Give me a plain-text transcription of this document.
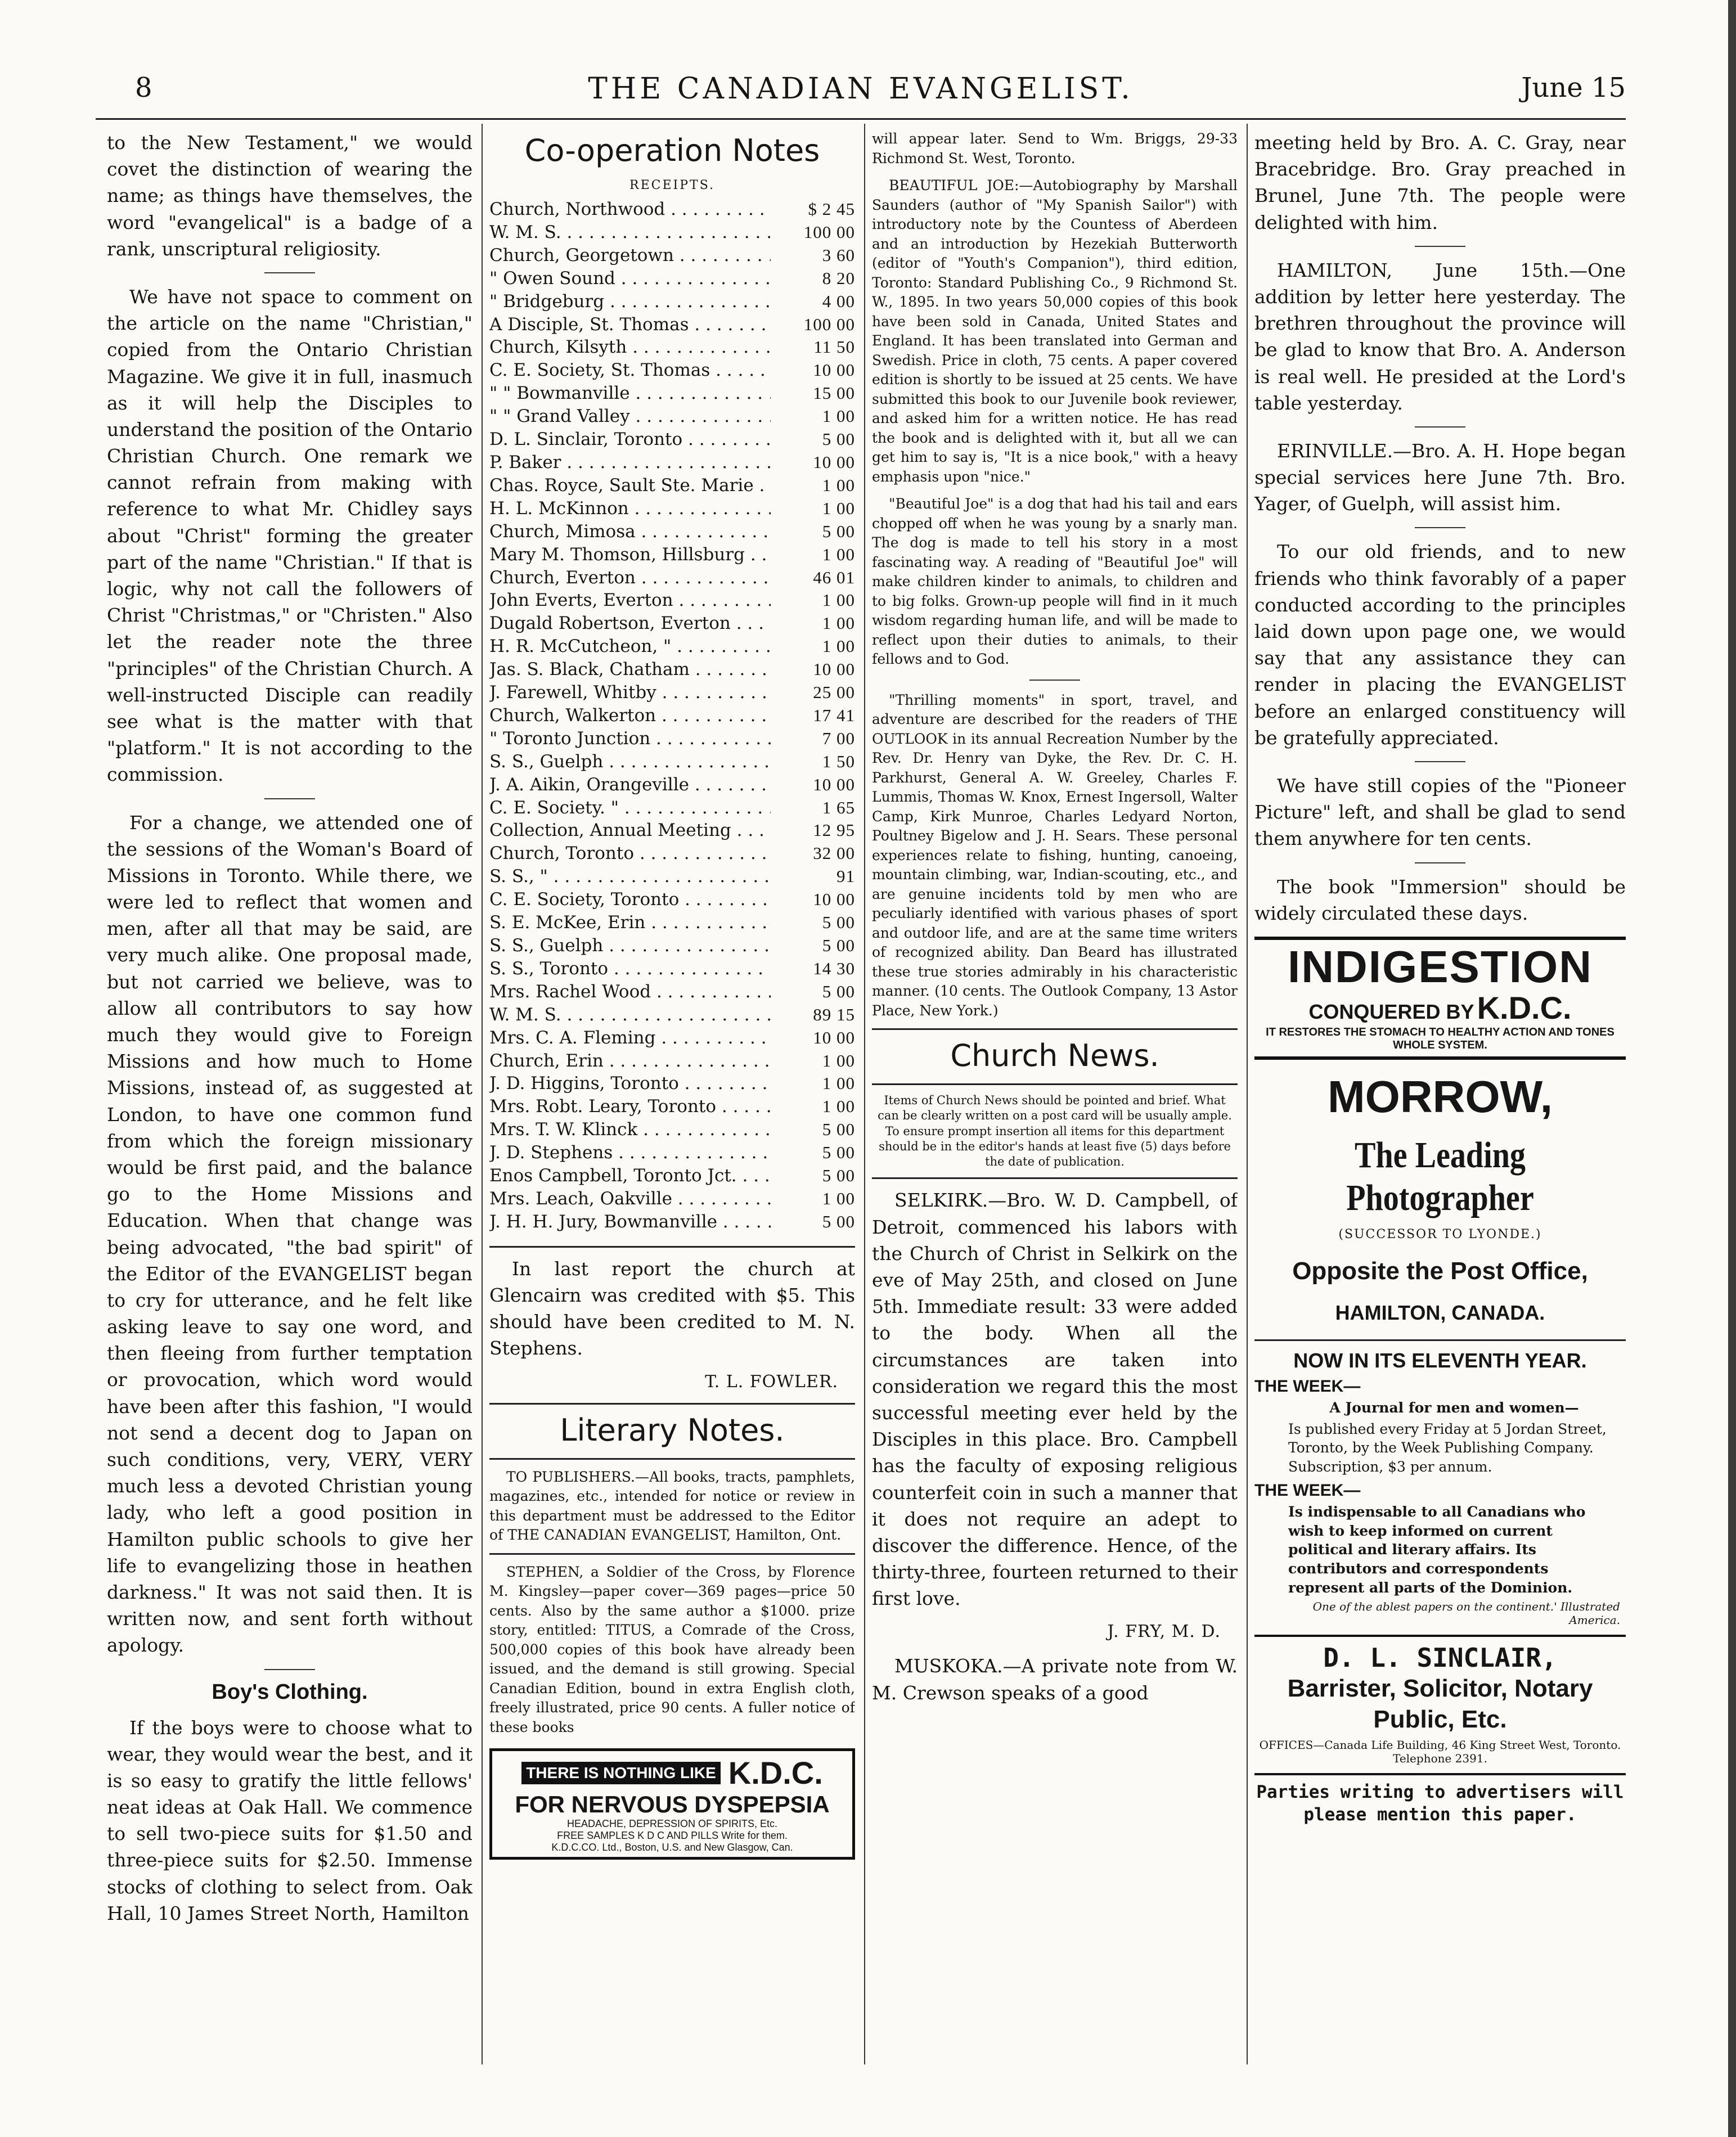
8	THE CANADIAN EVANGELIST.	June 15

to the New Testament," we would covet the distinction of wearing the name; as things have themselves, the word "evangelical" is a badge of a rank, unscriptural religiosity.

We have not space to comment on the article on the name "Christian," copied from the Ontario Christian Magazine. We give it in full, inasmuch as it will help the Disciples to understand the position of the Ontario Christian Church. One remark we cannot refrain from making with reference to what Mr. Chidley says about "Christ" forming the greater part of the name "Christian." If that is logic, why not call the followers of Christ "Christmas," or "Christen." Also let the reader note the three "principles" of the Christian Church. A well-instructed Disciple can readily see what is the matter with that "platform." It is not according to the commission.

For a change, we attended one of the sessions of the Woman's Board of Missions in Toronto. While there, we were led to reflect that women and men, after all that may be said, are very much alike. One proposal made, but not carried we believe, was to allow all contributors to say how much they would give to Foreign Missions and how much to Home Missions, instead of, as suggested at London, to have one common fund from which the foreign missionary would be first paid, and the balance go to the Home Missions and Education. When that change was being advocated, "the bad spirit" of the Editor of the EVANGELIST began to cry for utterance, and he felt like asking leave to say one word, and then fleeing from further temptation or provocation, which word would have been after this fashion, "I would not send a decent dog to Japan on such conditions, very, VERY, VERY much less a devoted Christian young lady, who left a good position in Hamilton public schools to give her life to evangelizing those in heathen darkness." It was not said then. It is written now, and sent forth without apology.

Boy's Clothing.

If the boys were to choose what to wear, they would wear the best, and it is so easy to gratify the little fellows' neat ideas at Oak Hall. We commence to sell two-piece suits for $1.50 and three-piece suits for $2.50. Immense stocks of clothing to select from. Oak Hall, 10 James Street North, Hamilton

Co-operation Notes
RECEIPTS.
Church, Northwood . . .	$ 2 45
W. M. S. . . .	100 00
Church, Georgetown . . .	3 60
" Owen Sound . . .	8 20
" Bridgeburg . . .	4 00
A Disciple, St. Thomas . . .	100 00
Church, Kilsyth . . .	11 50
C. E. Society, St. Thomas . . .	10 00
" " Bowmanville . . .	15 00
" " Grand Valley . . .	1 00
D. L. Sinclair, Toronto . . .	5 00
P. Baker . . .	10 00
Chas. Royce, Sault Ste. Marie . . .	1 00
H. L. McKinnon . . .	1 00
Church, Mimosa . . .	5 00
Mary M. Thomson, Hillsburg . . .	1 00
Church, Everton . . .	46 01
John Everts, Everton . . .	1 00
Dugald Robertson, Everton . . .	1 00
H. R. McCutcheon, " . . .	1 00
Jas. S. Black, Chatham . . .	10 00
J. Farewell, Whitby . . .	25 00
Church, Walkerton . . .	17 41
" Toronto Junction . . .	7 00
S. S., Guelph . . .	1 50
J. A. Aikin, Orangeville . . .	10 00
C. E. Society. " . . .	1 65
Collection, Annual Meeting . . .	12 95
Church, Toronto . . .	32 00
S. S., " . . .	91
C. E. Society, Toronto . . .	10 00
S. E. McKee, Erin . . .	5 00
S. S., Guelph . . .	5 00
S. S., Toronto . . .	14 30
Mrs. Rachel Wood . . .	5 00
W. M. S. . . .	89 15
Mrs. C. A. Fleming . . .	10 00
Church, Erin . . .	1 00
J. D. Higgins, Toronto . . .	1 00
Mrs. Robt. Leary, Toronto . . .	1 00
Mrs. T. W. Klinck . . .	5 00
J. D. Stephens . . .	5 00
Enos Campbell, Toronto Jct. . . .	5 00
Mrs. Leach, Oakville . . .	1 00
J. H. H. Jury, Bowmanville . . .	5 00

In last report the church at Glencairn was credited with $5. This should have been credited to M. N. Stephens.

T. L. FOWLER.
Literary Notes.

TO PUBLISHERS.—All books, tracts, pamphlets, magazines, etc., intended for notice or review in this department must be addressed to the Editor of THE CANADIAN EVANGELIST, Hamilton, Ont.

STEPHEN, a Soldier of the Cross, by Florence M. Kingsley—paper cover—369 pages—price 50 cents. Also by the same author a $1000. prize story, entitled: TITUS, a Comrade of the Cross, 500,000 copies of this book have already been issued, and the demand is still growing. Special Canadian Edition, bound in extra English cloth, freely illustrated, price 90 cents. A fuller notice of these books

THERE IS NOTHING LIKE K.D.C.
FOR NERVOUS DYSPEPSIA
HEADACHE, DEPRESSION OF SPIRITS, Etc.
FREE SAMPLES K D C AND PILLS Write for them.
K.D.C.CO. Ltd., Boston, U.S. and New Glasgow, Can.

will appear later. Send to Wm. Briggs, 29-33 Richmond St. West, Toronto.

BEAUTIFUL JOE:—Autobiography by Marshall Saunders (author of "My Spanish Sailor") with introductory note by the Countess of Aberdeen and an introduction by Hezekiah Butterworth (editor of "Youth's Companion"), third edition, Toronto: Standard Publishing Co., 9 Richmond St. W., 1895. In two years 50,000 copies of this book have been sold in Canada, United States and England. It has been translated into German and Swedish. Price in cloth, 75 cents. A paper covered edition is shortly to be issued at 25 cents. We have submitted this book to our Juvenile book reviewer, and asked him for a written notice. He has read the book and is delighted with it, but all we can get him to say is, "It is a nice book," with a heavy emphasis upon "nice."

"Beautiful Joe" is a dog that had his tail and ears chopped off when he was young by a snarly man. The dog is made to tell his story in a most fascinating way. A reading of "Beautiful Joe" will make children kinder to animals, to children and to big folks. Grown-up people will find in it much wisdom regarding human life, and will be made to reflect upon their duties to animals, to their fellows and to God.

"Thrilling moments" in sport, travel, and adventure are described for the readers of THE OUTLOOK in its annual Recreation Number by the Rev. Dr. Henry van Dyke, the Rev. Dr. C. H. Parkhurst, General A. W. Greeley, Charles F. Lummis, Thomas W. Knox, Ernest Ingersoll, Walter Camp, Kirk Munroe, Charles Ledyard Norton, Poultney Bigelow and J. H. Sears. These personal experiences relate to fishing, hunting, canoeing, mountain climbing, war, Indian-scouting, etc., and are genuine incidents told by men who are peculiarly identified with various phases of sport and outdoor life, and are at the same time writers of recognized ability. Dan Beard has illustrated these true stories admirably in his characteristic manner. (10 cents. The Outlook Company, 13 Astor Place, New York.)

Church News.

Items of Church News should be pointed and brief. What can be clearly written on a post card will be usually ample. To ensure prompt insertion all items for this department should be in the editor's hands at least five (5) days before the date of publication.

SELKIRK.—Bro. W. D. Campbell, of Detroit, commenced his labors with the Church of Christ in Selkirk on the eve of May 25th, and closed on June 5th. Immediate result: 33 were added to the body. When all the circumstances are taken into consideration we regard this the most successful meeting ever held by the Disciples in this place. Bro. Campbell has the faculty of exposing religious counterfeit coin in such a manner that it does not require an adept to discover the difference. Hence, of the thirty-three, fourteen returned to their first love.

J. FRY, M. D.

MUSKOKA.—A private note from W. M. Crewson speaks of a good

meeting held by Bro. A. C. Gray, near Bracebridge. Bro. Gray preached in Brunel, June 7th. The people were delighted with him.

HAMILTON, June 15th.—One addition by letter here yesterday. The brethren throughout the province will be glad to know that Bro. A. Anderson is real well. He presided at the Lord's table yesterday.

ERINVILLE.—Bro. A. H. Hope began special services here June 7th. Bro. Yager, of Guelph, will assist him.

To our old friends, and to new friends who think favorably of a paper conducted according to the principles laid down upon page one, we would say that any assistance they can render in placing the EVANGELIST before an enlarged constituency will be gratefully appreciated.

We have still copies of the "Pioneer Picture" left, and shall be glad to send them anywhere for ten cents.

The book "Immersion" should be widely circulated these days.

INDIGESTION
CONQUERED BY K.D.C.
IT RESTORES THE STOMACH TO HEALTHY ACTION AND TONES WHOLE SYSTEM.
MORROW,
The Leading Photographer
(SUCCESSOR TO LYONDE.)
Opposite the Post Office,
HAMILTON, CANADA.
NOW IN ITS ELEVENTH YEAR.
THE WEEK—
A Journal for men and women—
Is published every Friday at 5 Jordan Street, Toronto, by the Week Publishing Company. Subscription, $3 per annum.
THE WEEK—
Is indispensable to all Canadians who wish to keep informed on current political and literary affairs. Its contributors and correspondents represent all parts of the Dominion.
One of the ablest papers on the continent.' Illustrated America.
D. L. SINCLAIR,
Barrister, Solicitor, Notary Public, Etc.
OFFICES—Canada Life Building, 46 King Street West, Toronto. Telephone 2391.
Parties writing to advertisers will please mention this paper.
